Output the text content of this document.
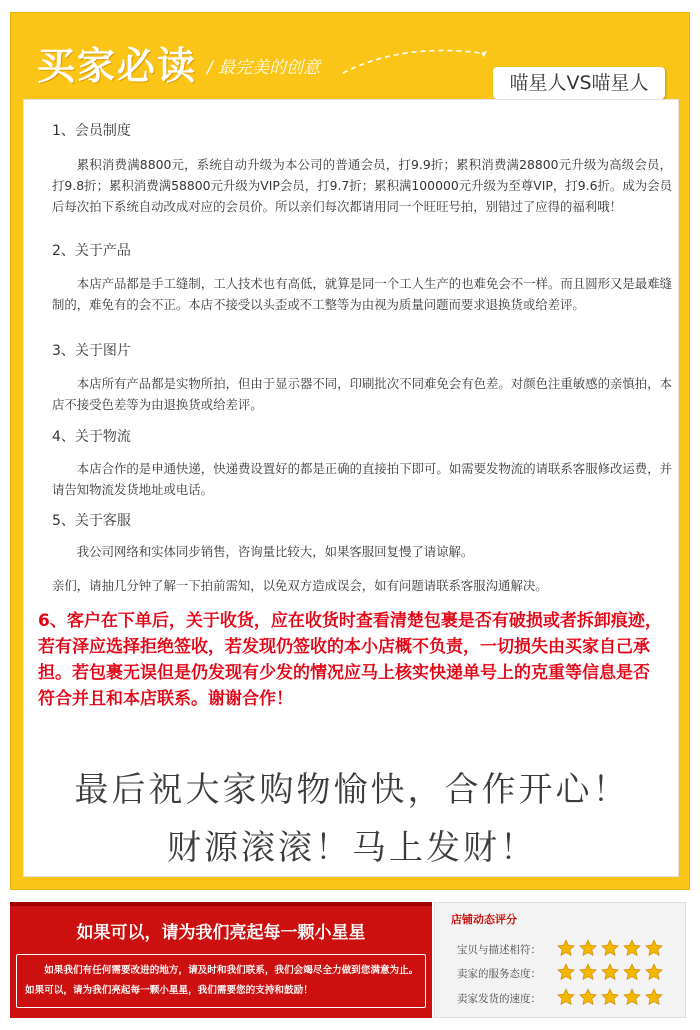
买家必读 / 最完美的创意
喵星人VS喵星人
1、会员制度
累积消费满8800元，系统自动升级为本公司的普通会员，打9.9折；累积消费满28800元升级为高级会员，打9.8折；累积消费满58800元升级为VIP会员，打9.7折；累积满100000元升级为至尊VIP，打9.6折。成为会员后每次拍下系统自动改成对应的会员价。所以亲们每次都请用同一个旺旺号拍，别错过了应得的福利哦！
2、关于产品
本店产品都是手工缝制，工人技术也有高低，就算是同一个工人生产的也难免会不一样。而且圆形又是最难缝制的，难免有的会不正。本店不接受以头歪或不工整等为由视为质量问题而要求退换货或给差评。
3、关于图片
本店所有产品都是实物所拍，但由于显示器不同，印刷批次不同难免会有色差。对颜色注重敏感的亲慎拍，本店不接受色差等为由退换货或给差评。
4、关于物流
本店合作的是申通快递，快递费设置好的都是正确的直接拍下即可。如需要发物流的请联系客服修改运费，并请告知物流发货地址或电话。
5、关于客服
我公司网络和实体同步销售，咨询量比较大，如果客服回复慢了请谅解。
亲们，请抽几分钟了解一下拍前需知，以免双方造成误会，如有问题请联系客服沟通解决。
6、客户在下单后，关于收货，应在收货时查看清楚包裹是否有破损或者拆卸痕迹，若有泽应选择拒绝签收，若发现仍签收的本小店概不负责，一切损失由买家自己承担。若包裹无误但是仍发现有少发的情况应马上核实快递单号上的克重等信息是否符合并且和本店联系。谢谢合作！
最后祝大家购物愉快，合作开心！
财源滚滚！马上发财！
如果可以，请为我们亮起每一颗小星星
如果我们有任何需要改进的地方，请及时和我们联系，我们会竭尽全力做到您满意为止。如果可以，请为我们亮起每一颗小星星，我们需要您的支持和鼓励！
店铺动态评分
宝贝与描述相符：
卖家的服务态度：
卖家发货的速度：
